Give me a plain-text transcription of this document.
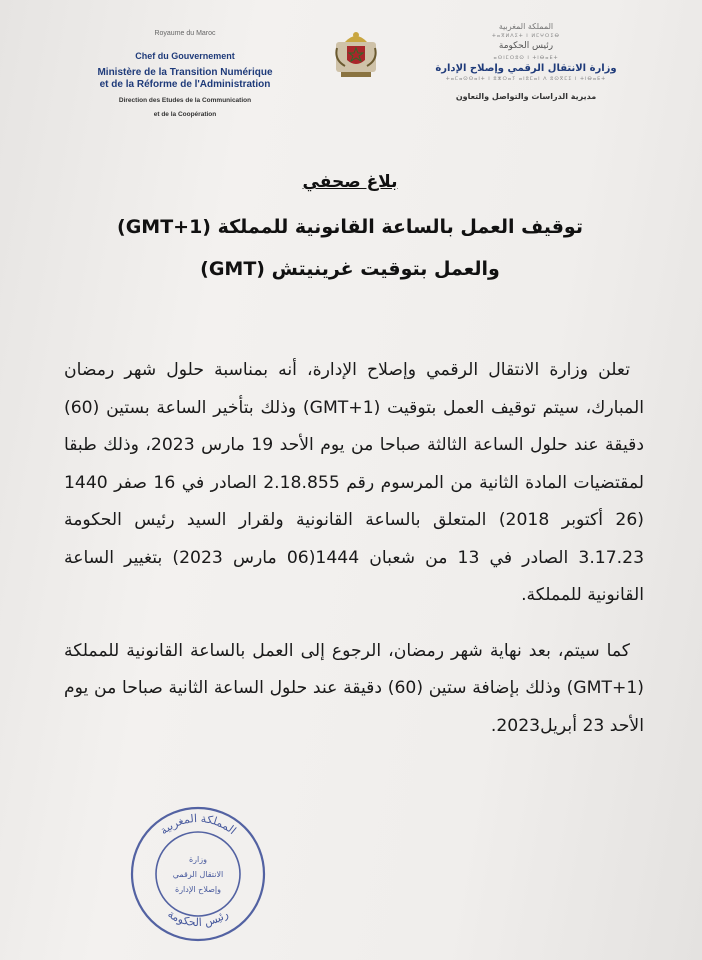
Royaume du Maroc
Chef du Gouvernement
Ministère de la Transition Numérique
et de la Réforme de l'Administration
Direction des Etudes de la Communication
et de la Coopération
المملكة المغربية
ⵜⴰⴳⵍⴷⵉⵜ ⵏ ⵍⵎⵖⵔⵉⴱ
رئيس الحكومة
ⴰⵙⵏⵎⵔⵓⵙ ⵏ ⵜⵏⴱⴰⴹⵜ
وزارة الانتقال الرقمي وإصلاح الإدارة
ⵜⴰⵎⴰⵙⵙⴰⵏⵜ ⵏ ⵓⵣⵔⴰⵢ ⴰⵏⵓⵎⴰⵏ ⴷ ⵓⵙⴳⵎⵉ ⵏ ⵜⵏⴱⴰⴹⵜ
مديرية الدراسات والتواصل والتعاون
بلاغ صحفي
توقيف العمل بالساعة القانونية للمملكة (GMT+1)
والعمل بتوقيت غرينيتش (GMT)

تعلن وزارة الانتقال الرقمي وإصلاح الإدارة، أنه بمناسبة حلول شهر رمضان المبارك، سيتم توقيف العمل بتوقيت (GMT+1) وذلك بتأخير الساعة بستين (60) دقيقة عند حلول الساعة الثالثة صباحا من يوم الأحد 19 مارس 2023، وذلك طبقا لمقتضيات المادة الثانية من المرسوم رقم 2.18.855 الصادر في 16 صفر 1440 (26 أكتوبر 2018) المتعلق بالساعة القانونية ولقرار السيد رئيس الحكومة 3.17.23 الصادر في 13 من شعبان 1444(06 مارس 2023) بتغيير الساعة القانونية للمملكة.

كما سيتم، بعد نهاية شهر رمضان، الرجوع إلى العمل بالساعة القانونية للمملكة (GMT+1) وذلك بإضافة ستين (60) دقيقة عند حلول الساعة الثانية صباحا من يوم الأحد 23 أبريل2023.

المملكة المغربية
رئيس الحكومة
وزارة
الانتقال الرقمي
وإصلاح الإدارة
